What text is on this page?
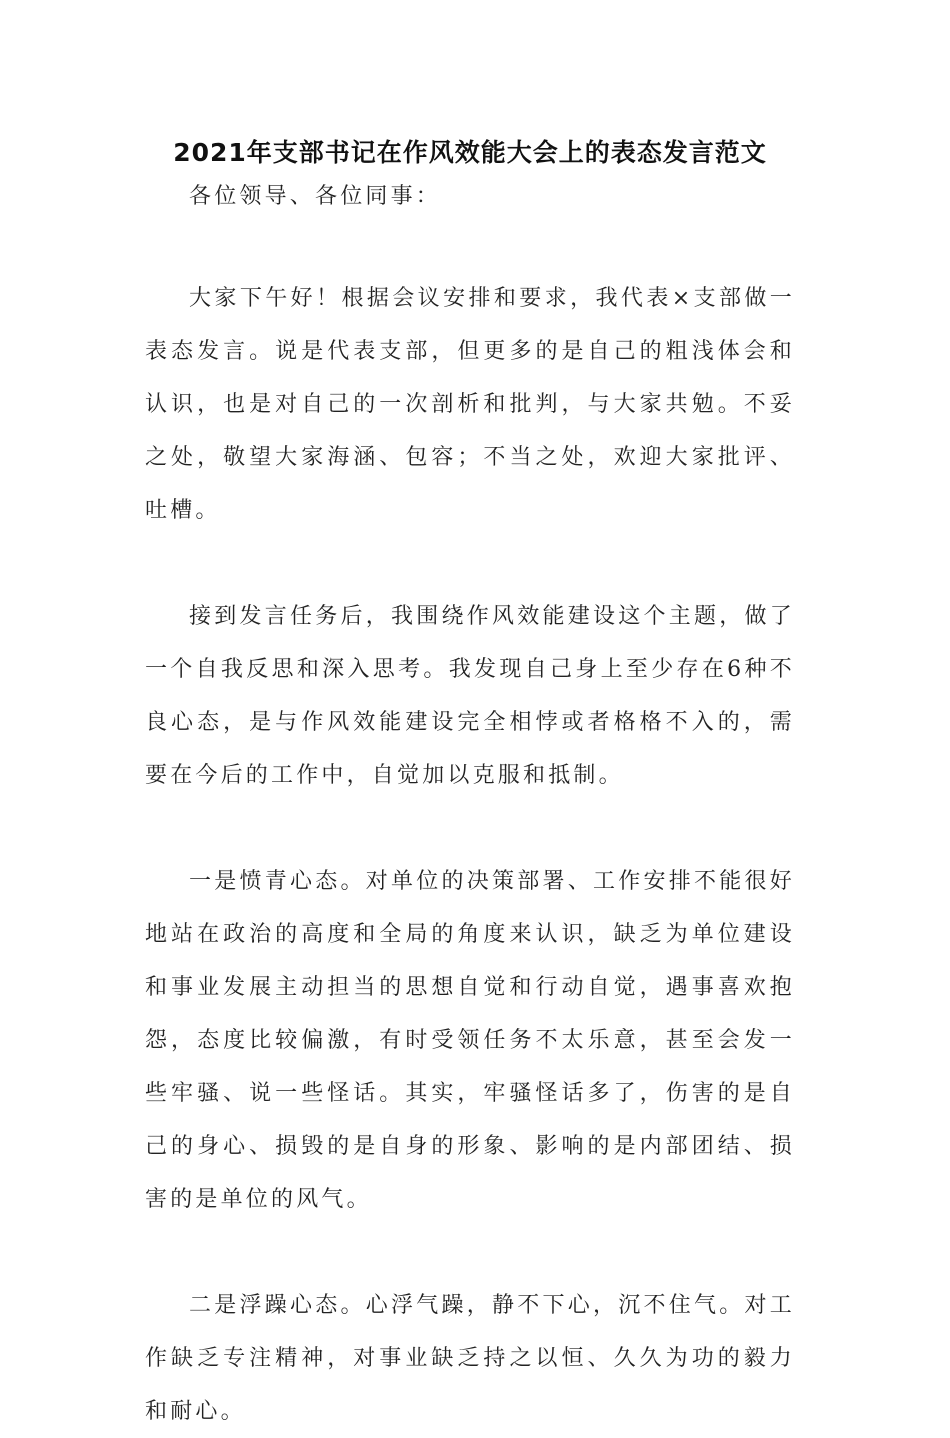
2021年支部书记在作风效能大会上的表态发言范文

各位领导、各位同事：

大家下午好！根据会议安排和要求，我代表×支部做一表态发言。说是代表支部，但更多的是自己的粗浅体会和认识，也是对自己的一次剖析和批判，与大家共勉。不妥之处，敬望大家海涵、包容；不当之处，欢迎大家批评、吐槽。

接到发言任务后，我围绕作风效能建设这个主题，做了一个自我反思和深入思考。我发现自己身上至少存在6种不良心态，是与作风效能建设完全相悖或者格格不入的，需要在今后的工作中，自觉加以克服和抵制。

一是愤青心态。对单位的决策部署、工作安排不能很好地站在政治的高度和全局的角度来认识，缺乏为单位建设和事业发展主动担当的思想自觉和行动自觉，遇事喜欢抱怨，态度比较偏激，有时受领任务不太乐意，甚至会发一些牢骚、说一些怪话。其实，牢骚怪话多了，伤害的是自己的身心、损毁的是自身的形象、影响的是内部团结、损害的是单位的风气。

二是浮躁心态。心浮气躁，静不下心，沉不住气。对工作缺乏专注精神，对事业缺乏持之以恒、久久为功的毅力和耐心。
